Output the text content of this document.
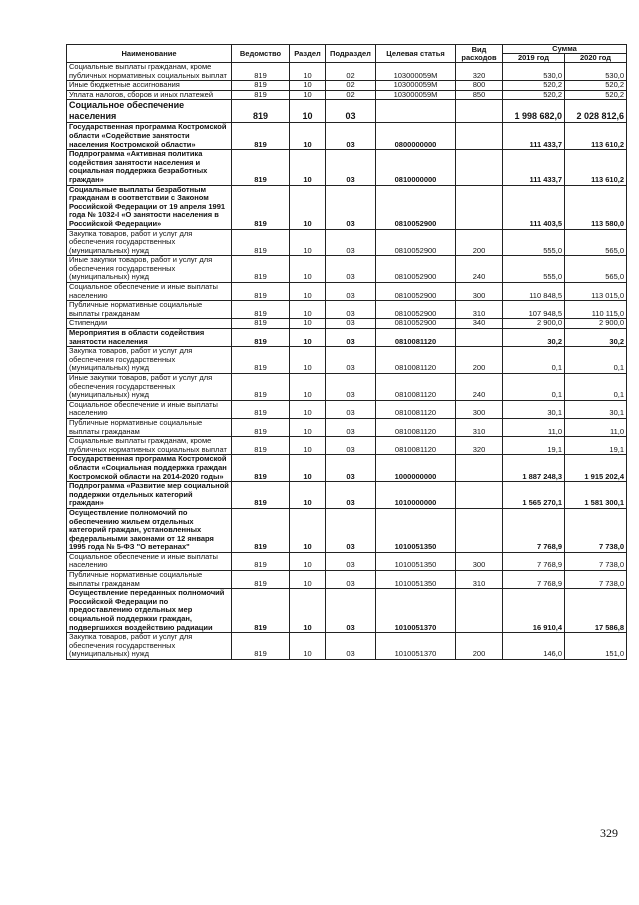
Наименование	Ведомство	Раздел	Подраздел	Целевая статья	Вид расходов	Сумма	
						2019 год	2020 год
Социальные выплаты гражданам, кроме публичных нормативных социальных выплат	819	10	02	103000059M	320	530,0	530,0
Иные бюджетные ассигнования	819	10	02	103000059M	800	520,2	520,2
Уплата налогов, сборов и иных платежей	819	10	02	103000059M	850	520,2	520,2
Социальное обеспечение населения	819	10	03			1 998 682,0	2 028 812,6
Государственная программа Костромской области «Содействие занятости населения Костромской области»	819	10	03	0800000000		111 433,7	113 610,2
Подпрограмма «Активная политика содействия занятости населения и социальная поддержка безработных граждан»	819	10	03	0810000000		111 433,7	113 610,2
Социальные выплаты безработным гражданам в соответствии с Законом Российской Федерации от 19 апреля 1991 года № 1032-I «О занятости населения в Российской Федерации»	819	10	03	0810052900		111 403,5	113 580,0
Закупка товаров, работ и услуг для обеспечения государственных (муниципальных) нужд	819	10	03	0810052900	200	555,0	565,0
Иные закупки товаров, работ и услуг для обеспечения государственных (муниципальных) нужд	819	10	03	0810052900	240	555,0	565,0
Социальное обеспечение и иные выплаты населению	819	10	03	0810052900	300	110 848,5	113 015,0
Публичные нормативные социальные выплаты гражданам	819	10	03	0810052900	310	107 948,5	110 115,0
Стипендии	819	10	03	0810052900	340	2 900,0	2 900,0
Мероприятия в области содействия занятости населения	819	10	03	0810081120		30,2	30,2
Закупка товаров, работ и услуг для обеспечения государственных (муниципальных) нужд	819	10	03	0810081120	200	0,1	0,1
Иные закупки товаров, работ и услуг для обеспечения государственных (муниципальных) нужд	819	10	03	0810081120	240	0,1	0,1
Социальное обеспечение и иные выплаты населению	819	10	03	0810081120	300	30,1	30,1
Публичные нормативные социальные выплаты гражданам	819	10	03	0810081120	310	11,0	11,0
Социальные выплаты гражданам, кроме публичных нормативных социальных выплат	819	10	03	0810081120	320	19,1	19,1
Государственная программа Костромской области «Социальная поддержка граждан Костромской области на 2014-2020 годы»	819	10	03	1000000000		1 887 248,3	1 915 202,4
Подпрограмма «Развитие мер социальной поддержки отдельных категорий граждан»	819	10	03	1010000000		1 565 270,1	1 581 300,1
Осуществление полномочий по обеспечению жильем отдельных категорий граждан, установленных федеральными законами от 12 января 1995 года № 5-ФЗ "О ветеранах"	819	10	03	1010051350		7 768,9	7 738,0
Социальное обеспечение и иные выплаты населению	819	10	03	1010051350	300	7 768,9	7 738,0
Публичные нормативные социальные выплаты гражданам	819	10	03	1010051350	310	7 768,9	7 738,0
Осуществление переданных полномочий Российской Федерации по предоставлению отдельных мер социальной поддержки граждан, подвергшихся воздействию радиации	819	10	03	1010051370		16 910,4	17 586,8
Закупка товаров, работ и услуг для обеспечения государственных (муниципальных) нужд	819	10	03	1010051370	200	146,0	151,0
329
